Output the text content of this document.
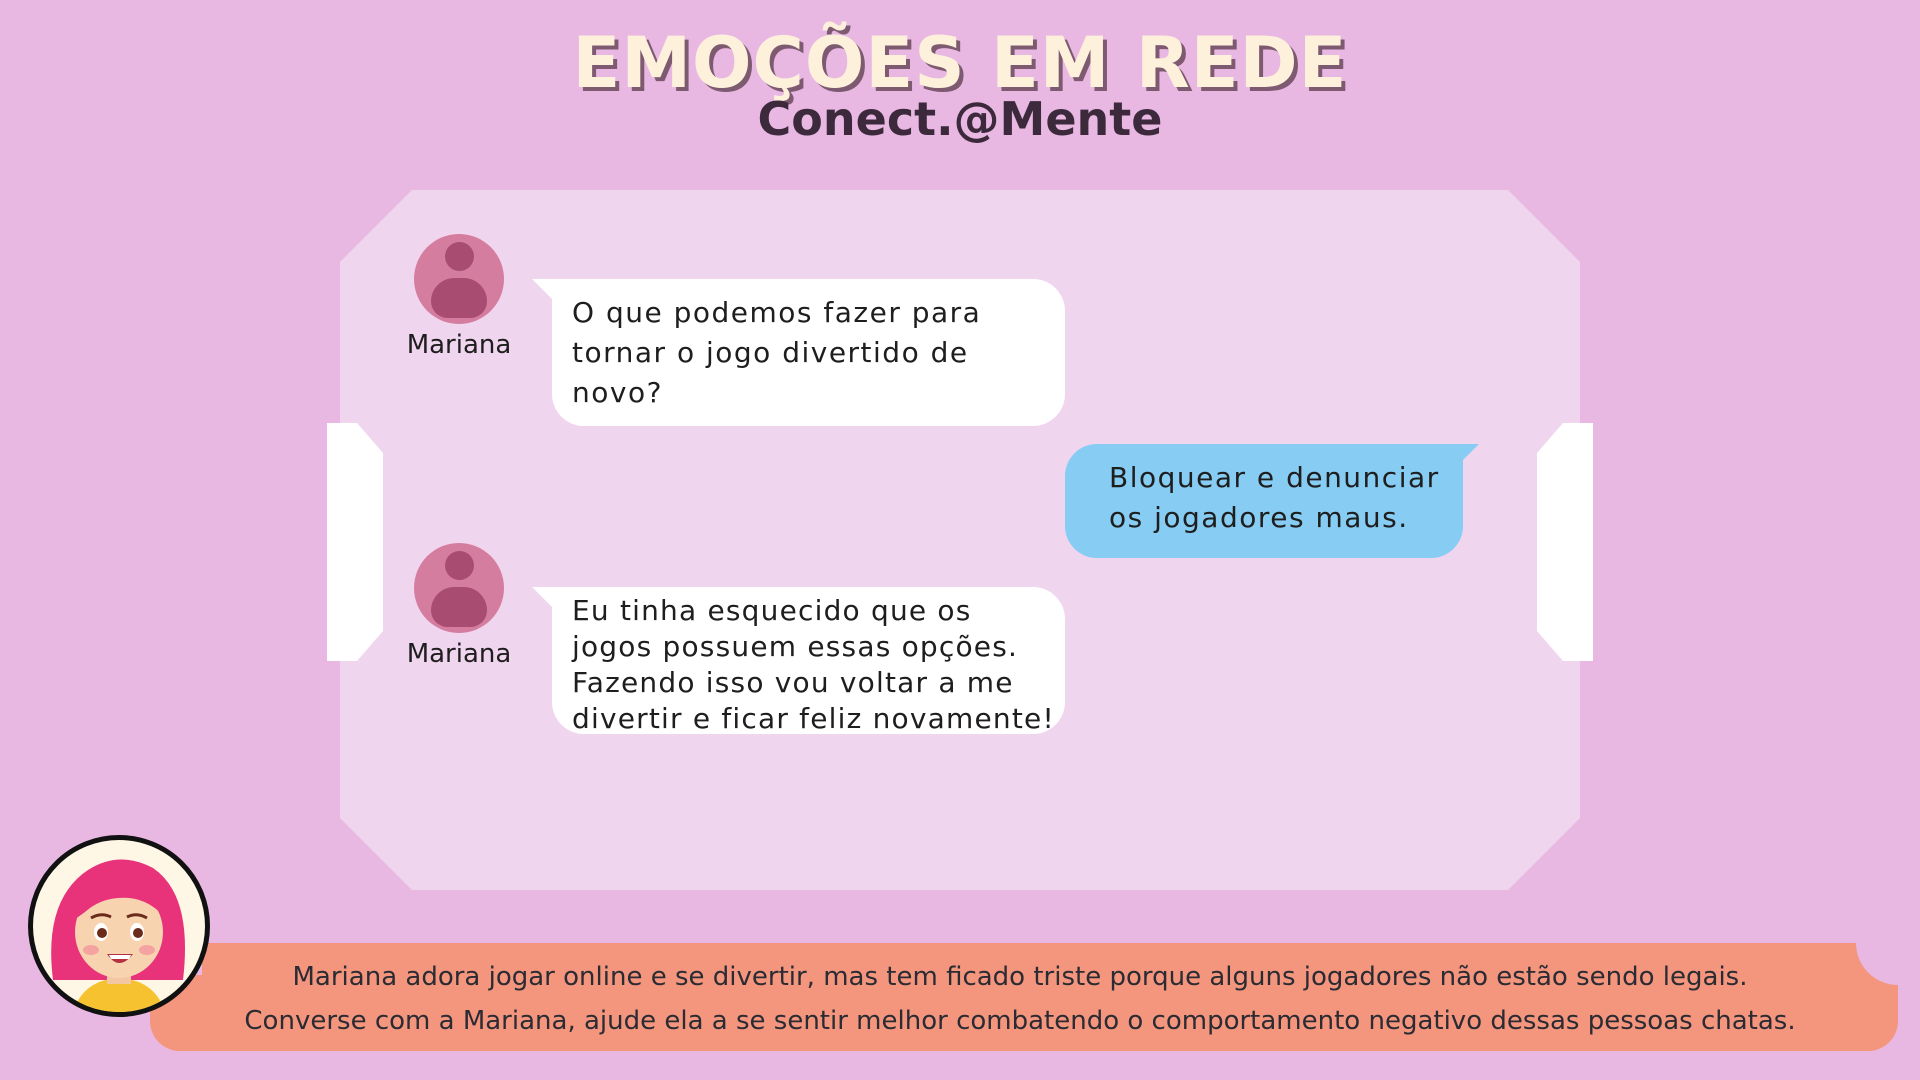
EMOÇÕES EM REDE
Conect.@Mente
Mariana
O que podemos fazer para
tornar o jogo divertido de
novo?
Bloquear e denunciar
os jogadores maus.
Mariana
Eu tinha esquecido que os
jogos possuem essas opções.
Fazendo isso vou voltar a me
divertir e ficar feliz novamente!
Mariana adora jogar online e se divertir, mas tem ficado triste porque alguns jogadores não estão sendo legais.
Converse com a Mariana, ajude ela a se sentir melhor combatendo o comportamento negativo dessas pessoas chatas.
